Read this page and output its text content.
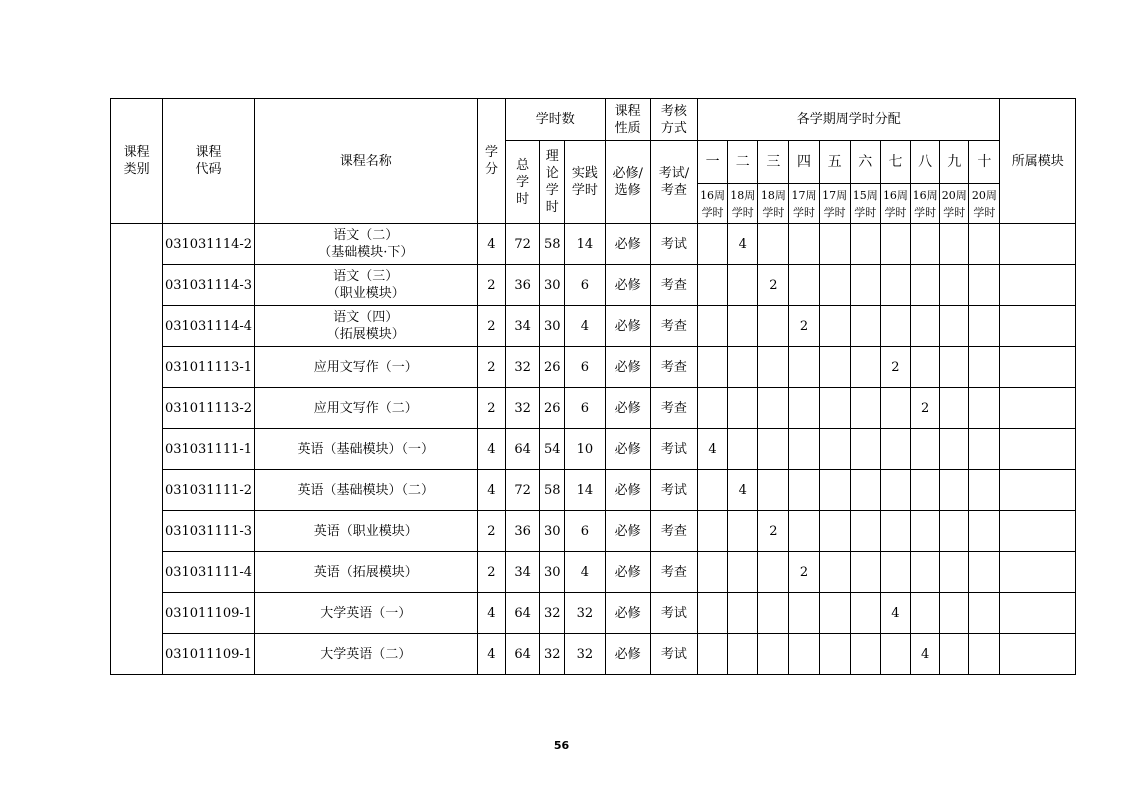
课程类别	课程代码	课程名称	学分	学时数			课程性质	考核方式	各学期周学时分配										所属模块
				总学时	理论学时	实践学时	必修/选修	考试/考查	一	二	三	四	五	六	七	八	九	十	
									16周学时	18周学时	18周学时	17周学时	17周学时	15周学时	16周学时	16周学时	20周学时	20周学时	
	031031114-2	语文（二）
（基础模块·下）	4	72	58	14	必修	考试		4									
	031031114-3	语文（三）
（职业模块）	2	36	30	6	必修	考查			2								
	031031114-4	语文（四）
（拓展模块）	2	34	30	4	必修	考查				2							
	031011113-1	应用文写作（一）	2	32	26	6	必修	考查							2				
	031011113-2	应用文写作（二）	2	32	26	6	必修	考查								2			
	031031111-1	英语（基础模块）（一）	4	64	54	10	必修	考试	4										
	031031111-2	英语（基础模块）（二）	4	72	58	14	必修	考试		4									
	031031111-3	英语（职业模块）	2	36	30	6	必修	考查			2								
	031031111-4	英语（拓展模块）	2	34	30	4	必修	考查				2							
	031011109-1	大学英语（一）	4	64	32	32	必修	考试							4				
	031011109-1	大学英语（二）	4	64	32	32	必修	考试								4			
56
